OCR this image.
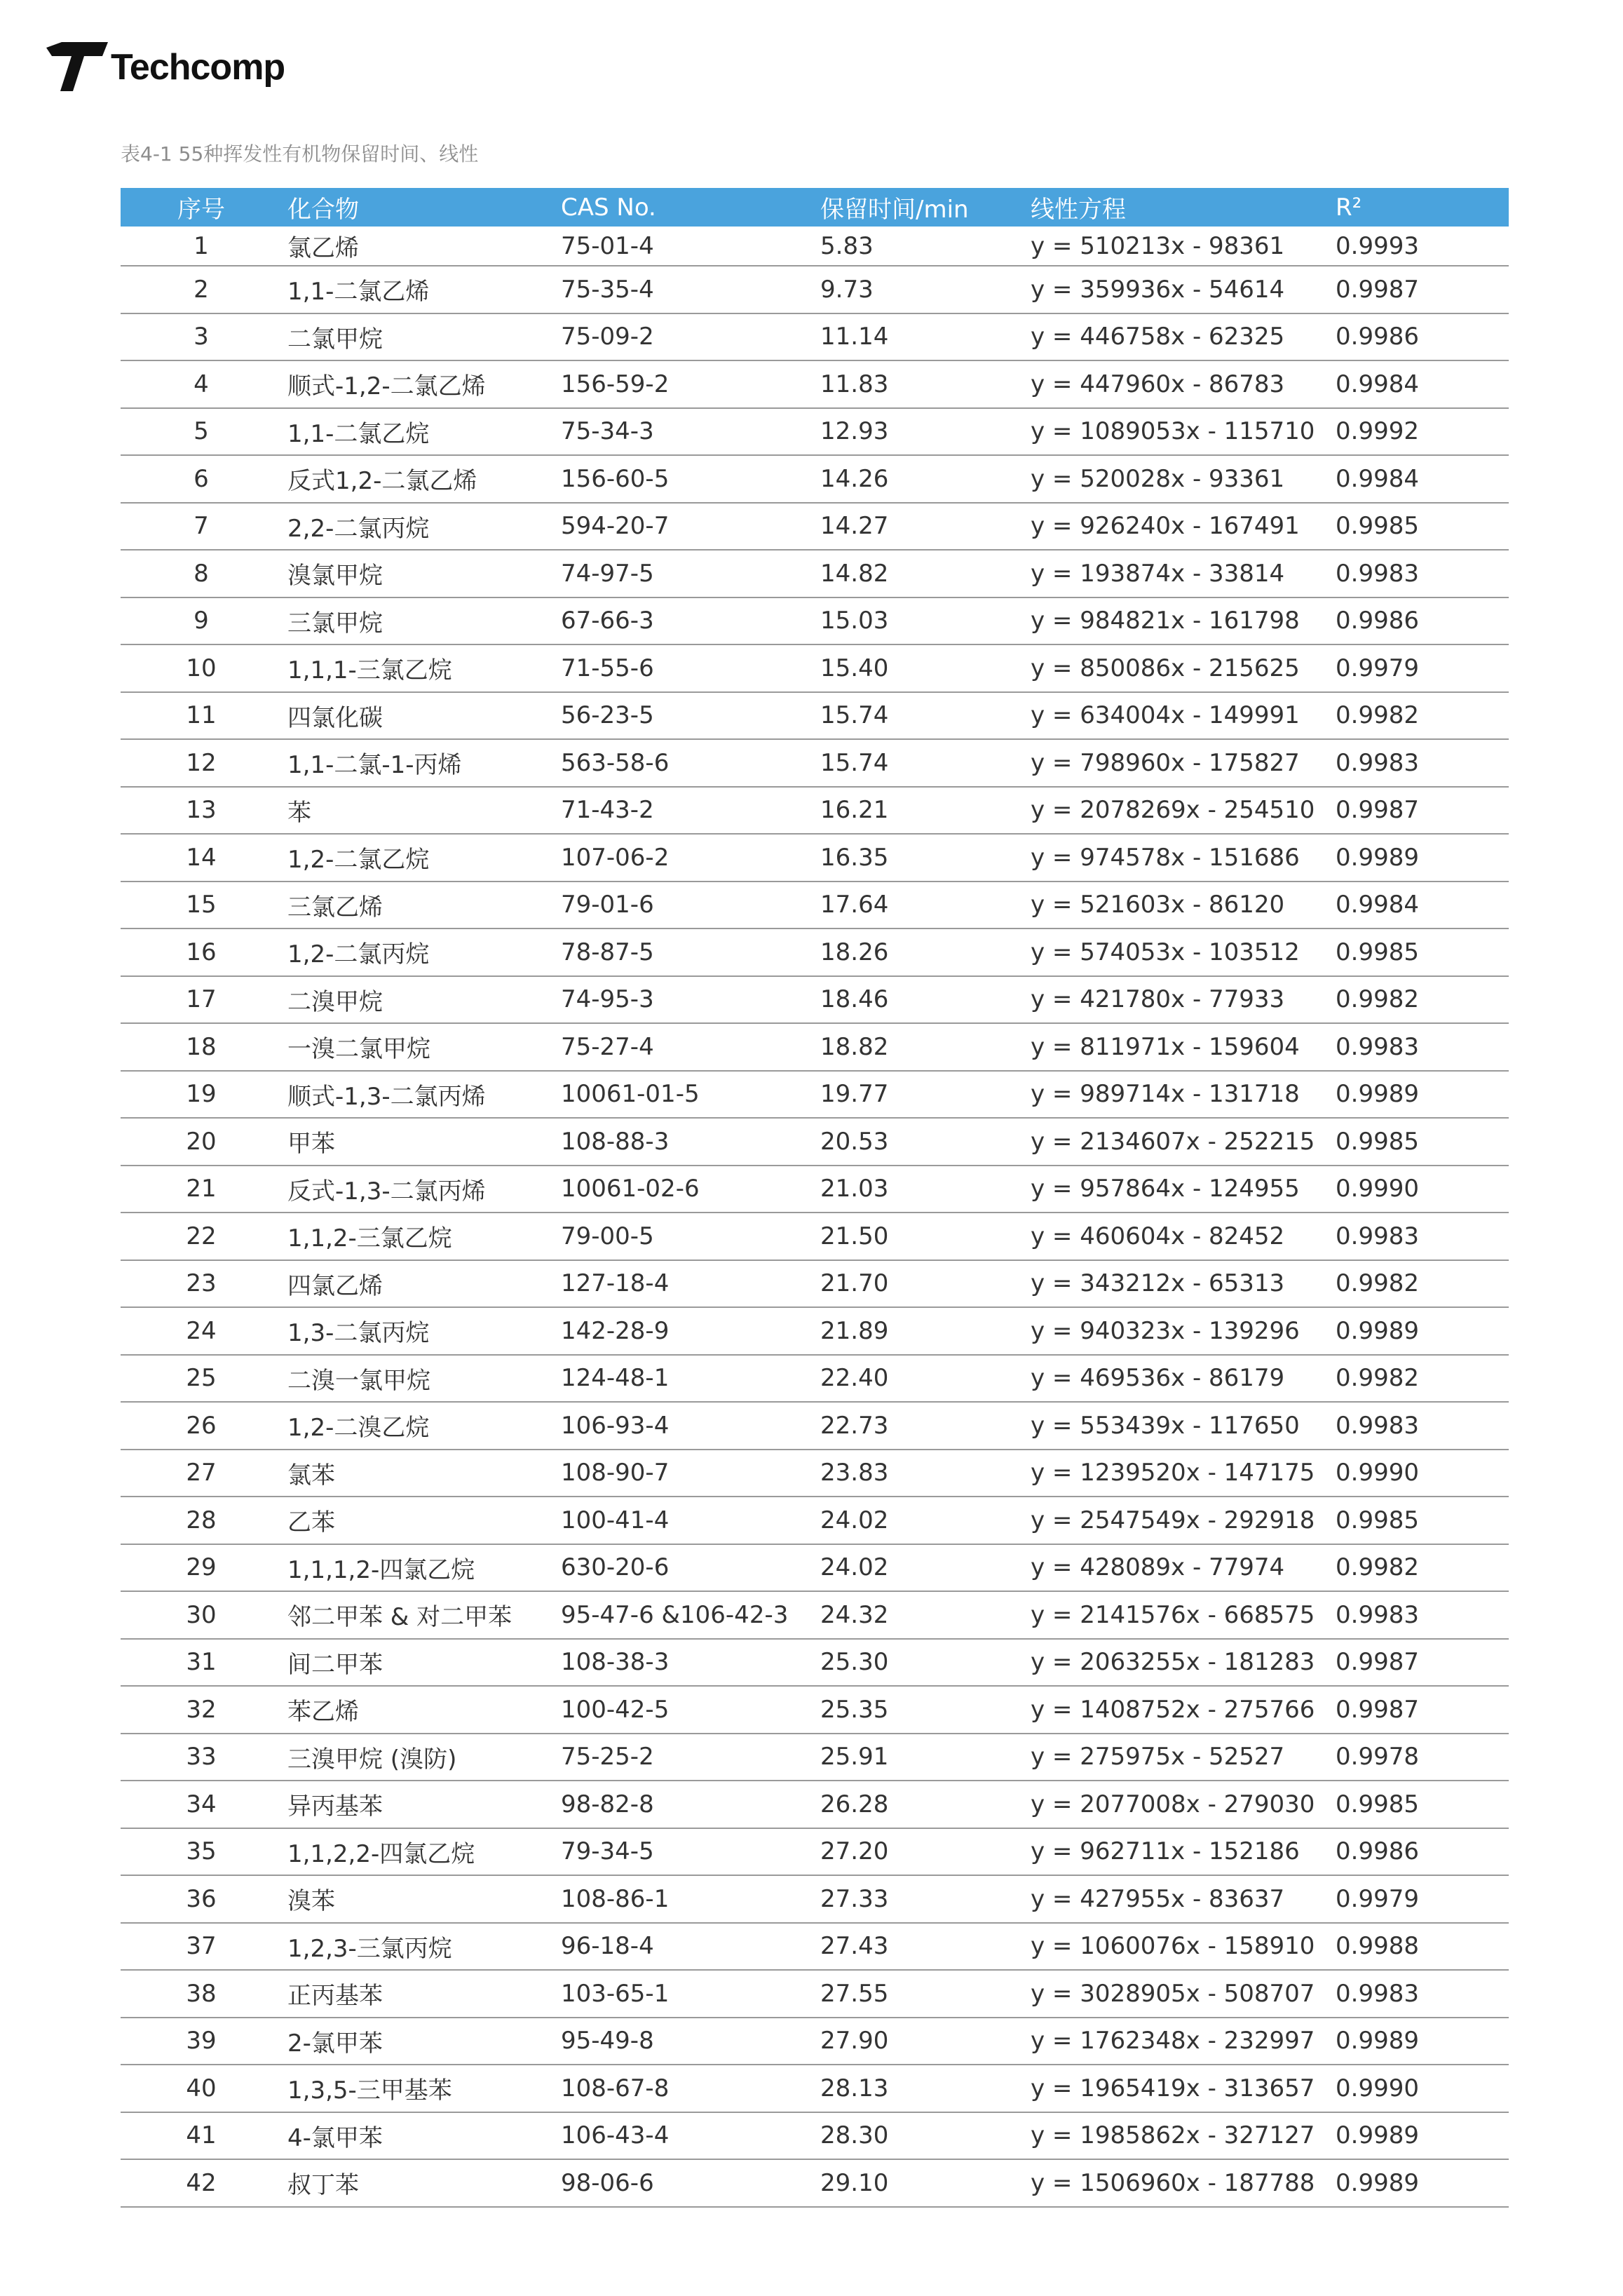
Techcomp
表4-1 55种挥发性有机物保留时间、线性
序号	化合物	CAS No.	保留时间/min	线性方程	R²
1	氯乙烯	75-01-4	5.83	y = 510213x - 98361	0.9993
2	1,1-二氯乙烯	75-35-4	9.73	y = 359936x - 54614	0.9987
3	二氯甲烷	75-09-2	11.14	y = 446758x - 62325	0.9986
4	顺式-1,2-二氯乙烯	156-59-2	11.83	y = 447960x - 86783	0.9984
5	1,1-二氯乙烷	75-34-3	12.93	y = 1089053x - 115710	0.9992
6	反式1,2-二氯乙烯	156-60-5	14.26	y = 520028x - 93361	0.9984
7	2,2-二氯丙烷	594-20-7	14.27	y = 926240x - 167491	0.9985
8	溴氯甲烷	74-97-5	14.82	y = 193874x - 33814	0.9983
9	三氯甲烷	67-66-3	15.03	y = 984821x - 161798	0.9986
10	1,1,1-三氯乙烷	71-55-6	15.40	y = 850086x - 215625	0.9979
11	四氯化碳	56-23-5	15.74	y = 634004x - 149991	0.9982
12	1,1-二氯-1-丙烯	563-58-6	15.74	y = 798960x - 175827	0.9983
13	苯	71-43-2	16.21	y = 2078269x - 254510	0.9987
14	1,2-二氯乙烷	107-06-2	16.35	y = 974578x - 151686	0.9989
15	三氯乙烯	79-01-6	17.64	y = 521603x - 86120	0.9984
16	1,2-二氯丙烷	78-87-5	18.26	y = 574053x - 103512	0.9985
17	二溴甲烷	74-95-3	18.46	y = 421780x - 77933	0.9982
18	一溴二氯甲烷	75-27-4	18.82	y = 811971x - 159604	0.9983
19	顺式-1,3-二氯丙烯	10061-01-5	19.77	y = 989714x - 131718	0.9989
20	甲苯	108-88-3	20.53	y = 2134607x - 252215	0.9985
21	反式-1,3-二氯丙烯	10061-02-6	21.03	y = 957864x - 124955	0.9990
22	1,1,2-三氯乙烷	79-00-5	21.50	y = 460604x - 82452	0.9983
23	四氯乙烯	127-18-4	21.70	y = 343212x - 65313	0.9982
24	1,3-二氯丙烷	142-28-9	21.89	y = 940323x - 139296	0.9989
25	二溴一氯甲烷	124-48-1	22.40	y = 469536x - 86179	0.9982
26	1,2-二溴乙烷	106-93-4	22.73	y = 553439x - 117650	0.9983
27	氯苯	108-90-7	23.83	y = 1239520x - 147175	0.9990
28	乙苯	100-41-4	24.02	y = 2547549x - 292918	0.9985
29	1,1,1,2-四氯乙烷	630-20-6	24.02	y = 428089x - 77974	0.9982
30	邻二甲苯 & 对二甲苯	95-47-6 &106-42-3	24.32	y = 2141576x - 668575	0.9983
31	间二甲苯	108-38-3	25.30	y = 2063255x - 181283	0.9987
32	苯乙烯	100-42-5	25.35	y = 1408752x - 275766	0.9987
33	三溴甲烷 (溴防)	75-25-2	25.91	y = 275975x - 52527	0.9978
34	异丙基苯	98-82-8	26.28	y = 2077008x - 279030	0.9985
35	1,1,2,2-四氯乙烷	79-34-5	27.20	y = 962711x - 152186	0.9986
36	溴苯	108-86-1	27.33	y = 427955x - 83637	0.9979
37	1,2,3-三氯丙烷	96-18-4	27.43	y = 1060076x - 158910	0.9988
38	正丙基苯	103-65-1	27.55	y = 3028905x - 508707	0.9983
39	2-氯甲苯	95-49-8	27.90	y = 1762348x - 232997	0.9989
40	1,3,5-三甲基苯	108-67-8	28.13	y = 1965419x - 313657	0.9990
41	4-氯甲苯	106-43-4	28.30	y = 1985862x - 327127	0.9989
42	叔丁苯	98-06-6	29.10	y = 1506960x - 187788	0.9989
